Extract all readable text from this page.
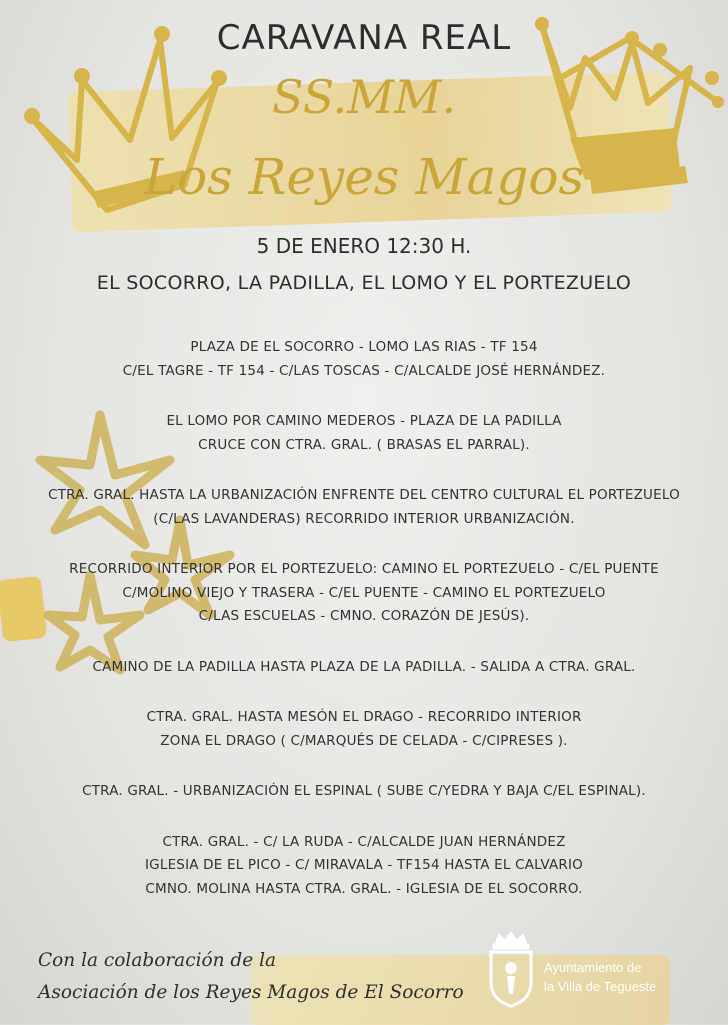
CARAVANA REAL
SS.MM.
Los Reyes Magos
5 DE ENERO 12:30 H.
EL SOCORRO, LA PADILLA, EL LOMO Y EL PORTEZUELO
PLAZA DE EL SOCORRO - LOMO LAS RIAS - TF 154
C/EL TAGRE - TF 154 - C/LAS TOSCAS - C/ALCALDE JOSÉ HERNÁNDEZ.
EL LOMO POR CAMINO MEDEROS - PLAZA DE LA PADILLA
CRUCE CON CTRA. GRAL. ( BRASAS EL PARRAL).
CTRA. GRAL. HASTA LA URBANIZACIÓN ENFRENTE DEL CENTRO CULTURAL EL PORTEZUELO
(C/LAS LAVANDERAS) RECORRIDO INTERIOR URBANIZACIÓN.
RECORRIDO INTERIOR POR EL PORTEZUELO: CAMINO EL PORTEZUELO - C/EL PUENTE
C/MOLINO VIEJO Y TRASERA - C/EL PUENTE - CAMINO EL PORTEZUELO
C/LAS ESCUELAS - CMNO. CORAZÓN DE JESÚS).
CAMINO DE LA PADILLA HASTA PLAZA DE LA PADILLA. - SALIDA A CTRA. GRAL.
CTRA. GRAL. HASTA MESÓN EL DRAGO - RECORRIDO INTERIOR
ZONA EL DRAGO ( C/MARQUÉS DE CELADA - C/CIPRESES ).
CTRA. GRAL. - URBANIZACIÓN EL ESPINAL ( SUBE C/YEDRA Y BAJA C/EL ESPINAL).
CTRA. GRAL. - C/ LA RUDA - C/ALCALDE JUAN HERNÁNDEZ
IGLESIA DE EL PICO - C/ MIRAVALA - TF154 HASTA EL CALVARIO
CMNO. MOLINA HASTA CTRA. GRAL. - IGLESIA DE EL SOCORRO.
Con la colaboración de la
Asociación de los Reyes Magos de El Socorro
Ayuntamiento de
la Villa de Tegueste
